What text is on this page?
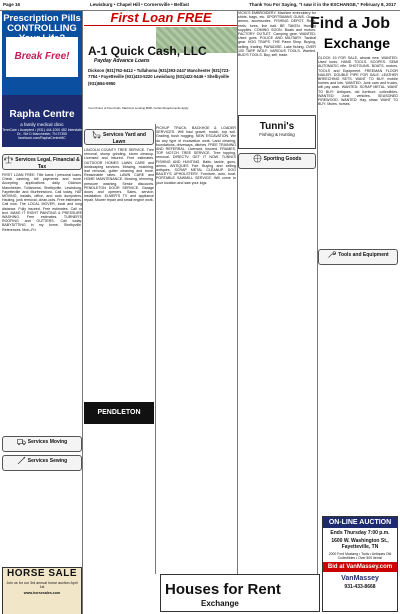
Page 16	Lewisburg • Chapel Hill • Cornersville • Belfast	Thank You For Saying, "I saw it in the EXCHANGE," February 8, 2017
Prescription Pills CONTROLLING
Break Free!
Rapha Centre
a family medical clinic
TennCare • Accepted • (931) 444-1000 482 Interstate Dr., Ste D Manchester, TN 37355 facebook.com/RaphaCentreMC
Services Legal, Financial & Tax
FIRST LOAN FREE. Title loans / personal loans. Check cashing, bill payments and more. Accepting applications daily. Dickson, Manchester, Tullahoma, Shelbyville, Lewisburg, Fayetteville and Murfreesboro. Call today. HAT MOVING, installs, office, and auto dumpsters. Hauling, junk removal, clean-outs. Free estimates. Call now. The LOCAL MOVER, local and long distance. Fully insured. Free estimates. Call or text. MAKE IT RIGHT PAINTING & PRESSURE WASHING. Free estimates. TURNER'S ROOFING and GUTTERS. Call today. BABYSITTING in my home, Shelbyville. References. Mon–Fri.
Services Moving
Services Sewing
HORSE SALE
Join us for our 3rd annual horse auction April 1st
www.horsesales.com
First Loan FREE
A-1 Quick Cash, LLC
Payday Advance Loans
Dickson (931)762-6412 • Tullahoma (931)393-2447 Manchester (931)723-7784 • Fayetteville (931)433-5220 Lewisburg (931)422-5446 • Shelbyville (931)684-9950
Your Choice of Free Kinds. Maximum Lending $500. Certain Requirements Apply.
Services Yard and Lawn
LINCOLN COUNTY TREE SERVICE. Tree removal, stump grinding, storm cleanup. Licensed and insured. Free estimates. OUTDOOR HOMES LAWN CARE and landscaping services. Mowing, mulching, leaf removal, gutter cleaning and more. Reasonable rates. LAWN CARE and HOME MAINTENANCE. Mowing, trimming, pressure washing. Senior discounts. PENDLETON DOOR SERVICE. Garage doors and openers. Sales, service, installation. ELMER'S TV and appliance repair. Mower repair and small engine work.
PENDLETON
PICKUP TRUCK, BACKHOE & LOADER SERVICES. Will haul gravel, mulch, top soil. Grading, bush hogging. NEW ESCAVATION. We do any type of excavation work. Land clearing, foundations, driveways, ditches. FREE TRAINING AND REFERRAL. Licensed, insured. FRAMES, TOP NOTCH TREE SERVICE. Tree topping, removal. DIRECTV. GET IT NOW. TUNNI'S FISHING AND HUNTING. Baits, tackle, guns, ammo. ANTIQUES Fair. Buying and selling antiques. SCRAP METAL CLEANUP. DOG BAILEY'S UPHOLSTERY. Furniture, auto, boat. PORTABLE SAWMILL SERVICE. Will come to your location and saw your logs.
VICKI'S EMBROIDERY. Machine embroidery for shirts, bags, etc. SPORTSMANS GUNS. Guns, ammo, accessories. FISHING DEPOT. Rods, reels, lures, live bait. BE TAKEN. Hunting supplies. COMING SOON. Boats and motors. FACTORY OUTLET. Camping gear. WANTED: Used guns. POLICE AND MILITARY. Tactical gear. HOG TRAPS. THE Pawn Shop. Buying, selling, trading. PARADISE. Lake fishing. OVER 100 TARP WOLF. VARIOUS TOOLS. Wanted. BUD'S TOOLS. Buy, sell, trade.
Tunni's
Fishing & Hunting
Sporting Goods
Find a Job
Exchange
GLOCK 19 FOR SALE, almost new. WANTED: Used tools. HAND TOOLS. SCOPES. SEMI AUTOMATIC rifle. SHOTGUNS. BOATS, motors. TOOLS and Equipment. FREEMAN FLOOR NAILER. DOUBLE PIPE FOR SALE. LEATHER BREECHING SETS. WANT TO BUY, mobile homes and lots. WANTED: Junk cars and trucks, will pay cash. WANTED: SCRAP METAL. WANT TO BUY: Antiques, old furniture, collectibles. WANTED: Junk vehicles. SEASONED FIREWOOD. WANTED: Hay, straw. WANT TO BUY: Mules, horses.
Tools and Equipment
Houses for Rent
Exchange
ON-LINE AUCTION
Ends Thursday 7:00 p.m.
1600 W. Washington St., Fayetteville, TN
2000 Ford Mustang • Tools • Antiques Old Collectibles • Over 500 Items!
Bid at VanMassey.com
VanMassey
931-433-8668
